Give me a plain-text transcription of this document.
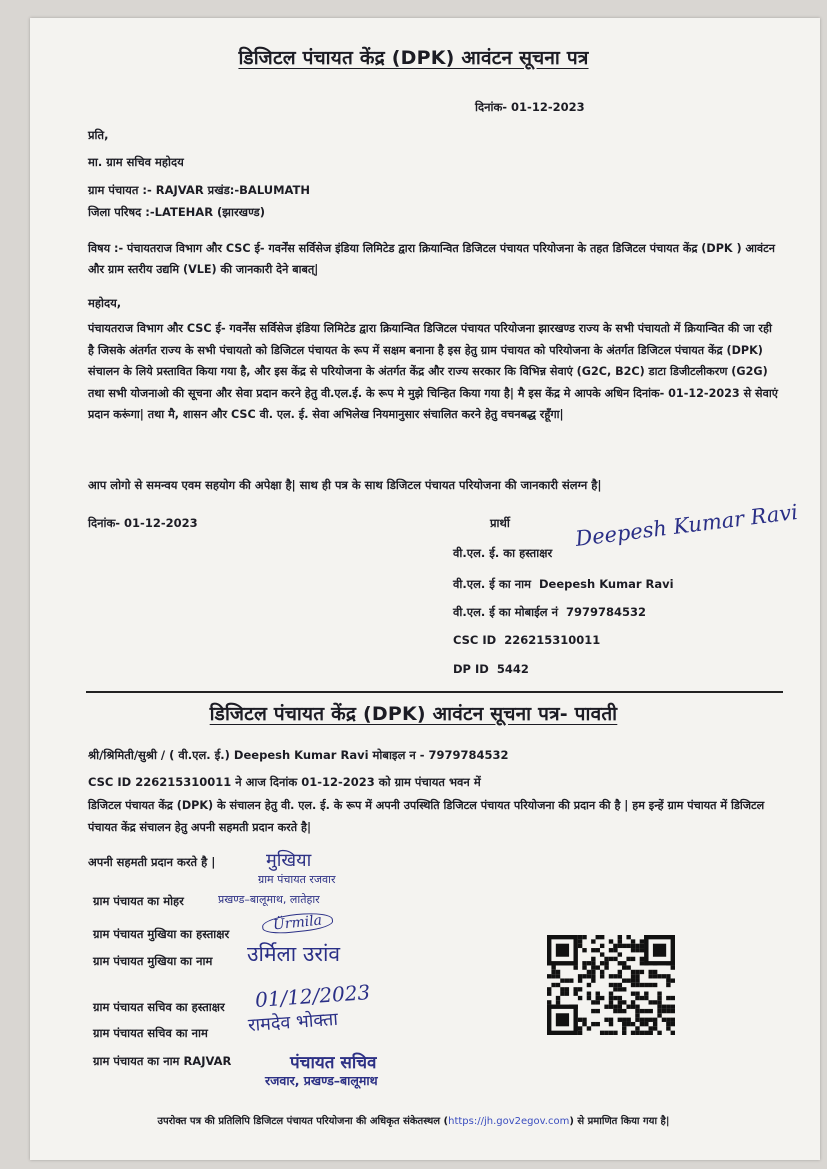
डिजिटल पंचायत केंद्र (DPK) आवंटन सूचना पत्र
दिनांक- 01-12-2023
प्रति,
मा. ग्राम सचिव महोदय
ग्राम पंचायत :- RAJVAR प्रखंड:-BALUMATH
जिला परिषद :-LATEHAR (झारखण्ड)
विषय :- पंचायतराज विभाग और CSC ई- गवर्नेंस सर्विसेज इंडिया लिमिटेड द्वारा क्रियान्वित डिजिटल पंचायत परियोजना के तहत डिजिटल पंचायत केंद्र (DPK ) आवंटन और ग्राम स्तरीय उद्यमि (VLE) की जानकारी देने बाबत्|
महोदय,
पंचायतराज विभाग और CSC ई- गवर्नेंस सर्विसेज इंडिया लिमिटेड द्वारा क्रियान्वित डिजिटल पंचायत परियोजना झारखण्ड राज्य के सभी पंचायतो में क्रियान्वित की जा रही है जिसके अंतर्गत राज्य के सभी पंचायतो को डिजिटल पंचायत के रूप में सक्षम बनाना है इस हेतु ग्राम पंचायत को परियोजना के अंतर्गत डिजिटल पंचायत केंद्र (DPK) संचालन के लिये प्रस्तावित किया गया है, और इस केंद्र से परियोजना के अंतर्गत केंद्र और राज्य सरकार कि विभिन्न सेवाएं (G2C, B2C) डाटा डिजीटलीकरण (G2G) तथा सभी योजनाओ की सूचना और सेवा प्रदान करने हेतु वी.एल.ई. के रूप मे मुझे चिन्हित किया गया है| मै इस केंद्र मे आपके अधिन दिनांक- 01-12-2023 से सेवाएं प्रदान करूंगा| तथा मै, शासन और CSC वी. एल. ई. सेवा अभिलेख नियमानुसार संचालित करने हेतु वचनबद्ध रहूँगा|
आप लोगो से समन्वय एवम सहयोग की अपेक्षा है| साथ ही पत्र के साथ डिजिटल पंचायत परियोजना की जानकारी संलग्न है|
दिनांक- 01-12-2023	प्रार्थी
वी.एल. ई. का हस्ताक्षर
Deepesh Kumar Ravi
वी.एल. ई का नाम Deepesh Kumar Ravi
वी.एल. ई का मोबाईल नं 7979784532
CSC ID 226215310011
DP ID 5442
डिजिटल पंचायत केंद्र (DPK) आवंटन सूचना पत्र- पावती
श्री/श्रिमिती/सुश्री / ( वी.एल. ई.) Deepesh Kumar Ravi मोबाइल न - 7979784532
CSC ID 226215310011 ने आज दिनांक 01-12-2023 को ग्राम पंचायत भवन में
डिजिटल पंचायत केंद्र (DPK) के संचालन हेतु वी. एल. ई. के रूप में अपनी उपस्थिति डिजिटल पंचायत परियोजना की प्रदान की है | हम इन्हें ग्राम पंचायत में डिजिटल पंचायत केंद्र संचालन हेतु अपनी सहमती प्रदान करते है|
अपनी सहमती प्रदान करते है |	मुखिया
ग्राम पंचायत रजवार
ग्राम पंचायत का मोहर	प्रखण्ड–बालूमाथ, लातेहार
ग्राम पंचायत मुखिया का हस्ताक्षर
Ürmila
ग्राम पंचायत मुखिया का नाम उर्मिला उरांव
ग्राम पंचायत सचिव का हस्ताक्षर 01/12/2023
ग्राम पंचायत सचिव का नाम रामदेव भोक्ता
ग्राम पंचायत का नाम RAJVAR	पंचायत सचिव
रजवार, प्रखण्ड–बालूमाथ
उपरोक्त पत्र की प्रतिलिपि डिजिटल पंचायत परियोजना की अधिकृत संकेतस्थल (https://jh.gov2egov.com) से प्रमाणित किया गया है|
